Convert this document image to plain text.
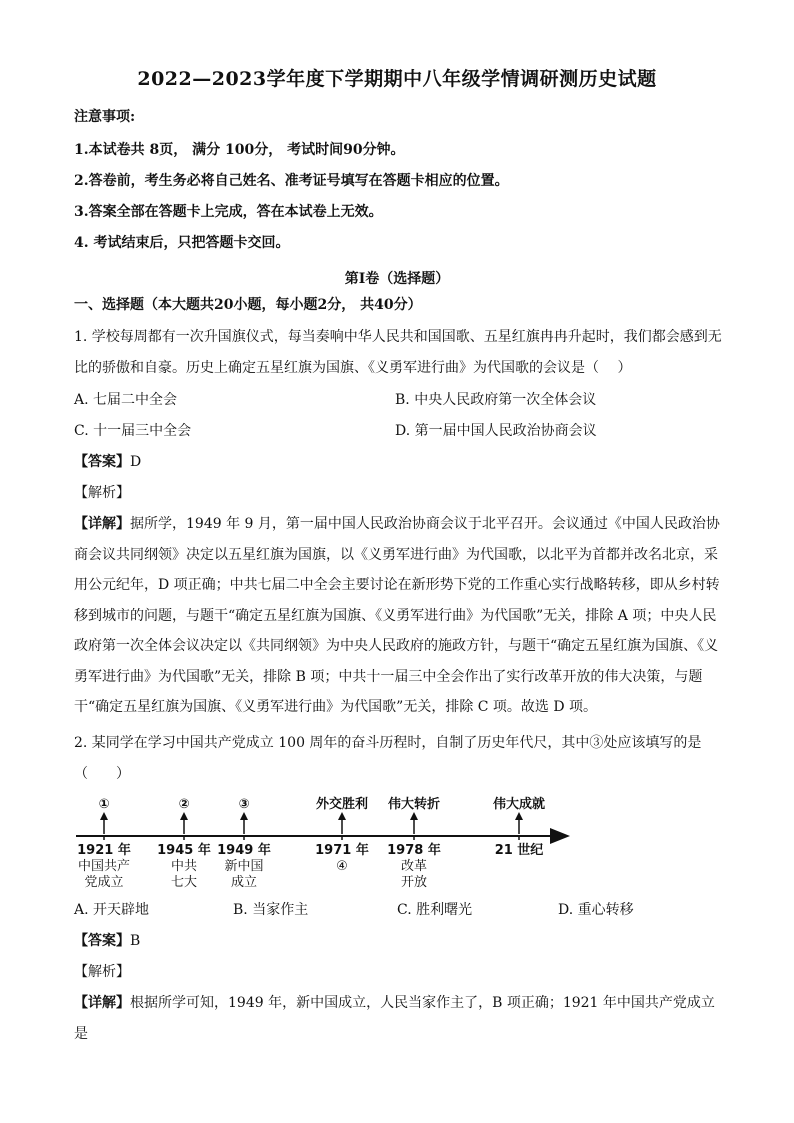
2022—2023学年度下学期期中八年级学情调研测历史试题
注意事项:
1.本试卷共 8页， 满分 100分， 考试时间90分钟。
2.答卷前，考生务必将自己姓名、准考证号填写在答题卡相应的位置。
3.答案全部在答题卡上完成，答在本试卷上无效。
4. 考试结束后，只把答题卡交回。
第Ⅰ卷（选择题）
一、选择题（本大题共20小题，每小题2分， 共40分）
1. 学校每周都有一次升国旗仪式，每当奏响中华人民共和国国歌、五星红旗冉冉升起时，我们都会感到无比的骄傲和自豪。历史上确定五星红旗为国旗、《义勇军进行曲》为代国歌的会议是（　 ）
A. 七届二中全会	B. 中央人民政府第一次全体会议
C. 十一届三中全会	D. 第一届中国人民政治协商会议
【答案】D
【解析】
【详解】据所学，1949 年 9 月，第一届中国人民政治协商会议于北平召开。会议通过《中国人民政治协商会议共同纲领》决定以五星红旗为国旗，以《义勇军进行曲》为代国歌，以北平为首都并改名北京，采用公元纪年，D 项正确；中共七届二中全会主要讨论在新形势下党的工作重心实行战略转移，即从乡村转移到城市的问题，与题干“确定五星红旗为国旗、《义勇军进行曲》为代国歌”无关，排除 A 项；中央人民政府第一次全体会议决定以《共同纲领》为中央人民政府的施政方针，与题干“确定五星红旗为国旗、《义勇军进行曲》为代国歌”无关，排除 B 项；中共十一届三中全会作出了实行改革开放的伟大决策，与题干“确定五星红旗为国旗、《义勇军进行曲》为代国歌”无关，排除 C 项。故选 D 项。
2. 某同学在学习中国共产党成立 100 周年的奋斗历程时，自制了历史年代尺，其中③处应该填写的是（　　）
①
1921 年
中国共产
党成立
②
1945 年
中共
七大
③
1949 年
新中国
成立
外交胜利
1971 年
④
伟大转折
1978 年
改革
开放
伟大成就
21 世纪
A. 开天辟地	B. 当家作主	C. 胜利曙光	D. 重心转移
【答案】B
【解析】
【详解】根据所学可知，1949 年，新中国成立，人民当家作主了，B 项正确；1921 年中国共产党成立是
